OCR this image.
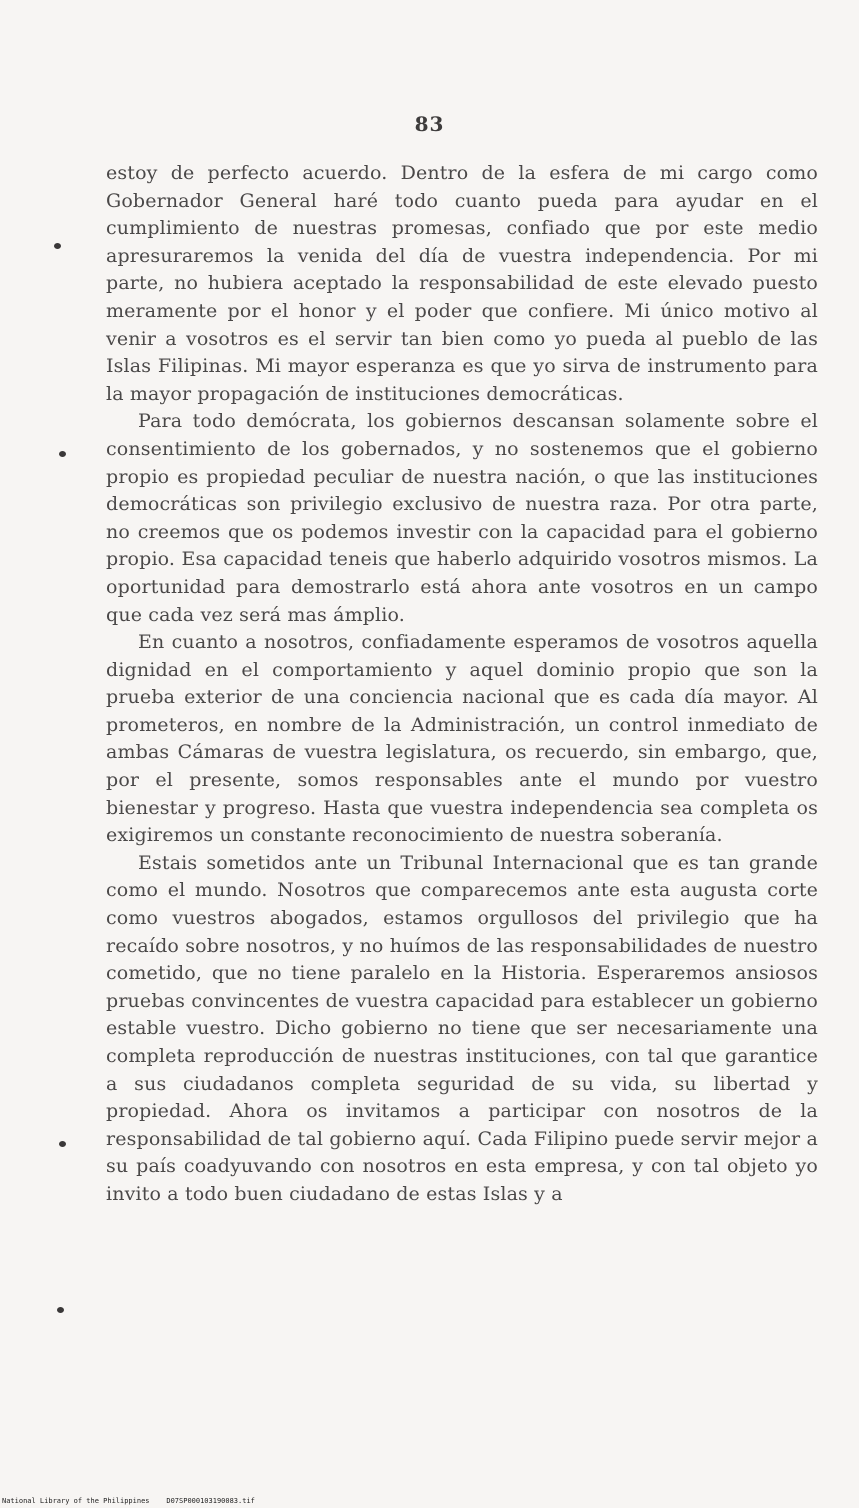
83

estoy de perfecto acuerdo. Dentro de la esfera de mi cargo como Gobernador General haré todo cuanto pueda para ayudar en el cumplimiento de nuestras promesas, confiado que por este medio apresuraremos la venida del día de vuestra independencia. Por mi parte, no hubiera aceptado la responsabilidad de este elevado puesto meramente por el honor y el poder que confiere. Mi único motivo al venir a vosotros es el servir tan bien como yo pueda al pueblo de las Islas Filipinas. Mi mayor esperanza es que yo sirva de instrumento para la mayor propagación de instituciones democráticas.

Para todo demócrata, los gobiernos descansan solamente sobre el consentimiento de los gobernados, y no sostenemos que el gobierno propio es propiedad peculiar de nuestra nación, o que las instituciones democráticas son privilegio exclusivo de nuestra raza. Por otra parte, no creemos que os podemos investir con la capacidad para el gobierno propio. Esa capacidad teneis que haberlo adquirido vosotros mismos. La oportunidad para demostrarlo está ahora ante vosotros en un campo que cada vez será mas ámplio.

En cuanto a nosotros, confiadamente esperamos de vosotros aquella dignidad en el comportamiento y aquel dominio propio que son la prueba exterior de una conciencia nacional que es cada día mayor. Al prometeros, en nombre de la Administración, un control inmediato de ambas Cámaras de vuestra legislatura, os recuerdo, sin embargo, que, por el presente, somos responsables ante el mundo por vuestro bienestar y progreso. Hasta que vuestra independencia sea completa os exigiremos un constante reconocimiento de nuestra soberanía.

Estais sometidos ante un Tribunal Internacional que es tan grande como el mundo. Nosotros que comparecemos ante esta augusta corte como vuestros abogados, estamos orgullosos del privilegio que ha recaído sobre nosotros, y no huímos de las responsabilidades de nuestro cometido, que no tiene paralelo en la Historia. Esperaremos ansiosos pruebas convincentes de vuestra capacidad para establecer un gobierno estable vuestro. Dicho gobierno no tiene que ser necesariamente una completa reproducción de nuestras instituciones, con tal que garantice a sus ciudadanos completa seguridad de su vida, su libertad y propiedad. Ahora os invitamos a participar con nosotros de la responsabilidad de tal gobierno aquí. Cada Filipino puede servir mejor a su país coadyuvando con nosotros en esta empresa, y con tal objeto yo invito a todo buen ciudadano de estas Islas y a

National Library of the Philippines D07SP000103190083.tif
